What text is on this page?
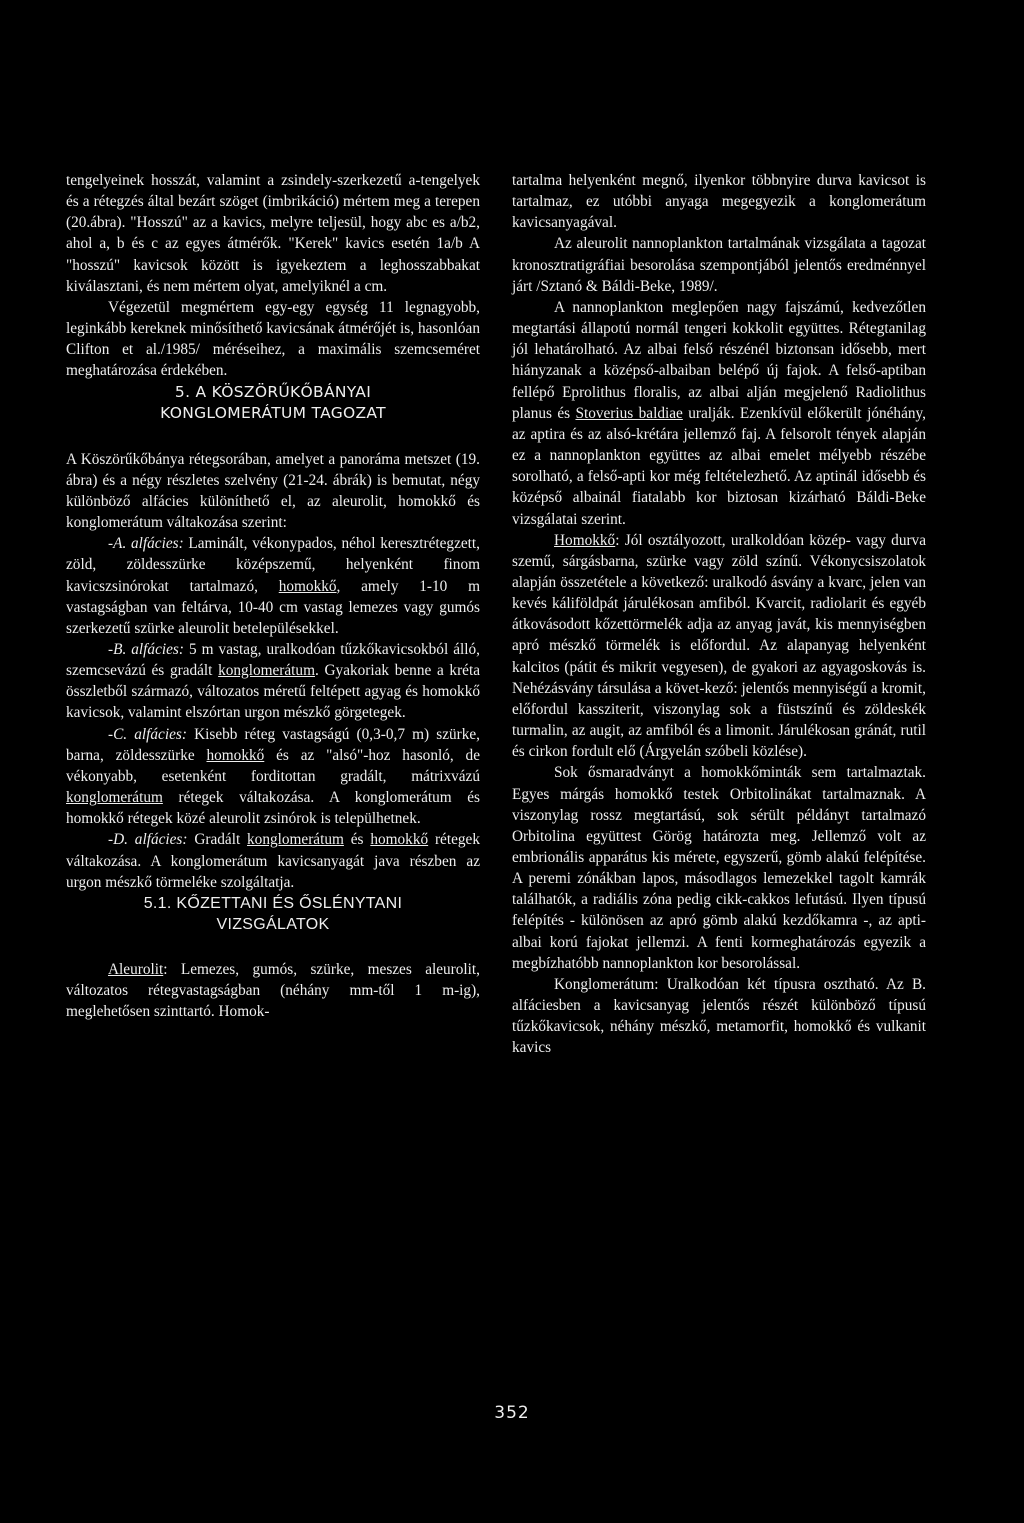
tengelyeinek hosszát, valamint a zsindely-szerkezetű a-tengelyek és a rétegzés által bezárt szöget (imbrikáció) mértem meg a terepen (20.ábra). "Hosszú" az a kavics, melyre teljesül, hogy abc es a/b2, ahol a, b és c az egyes átmérők. "Kerek" kavics esetén 1a/b A "hosszú" kavicsok között is igyekeztem a leghosszabbakat kiválasztani, és nem mértem olyat, amelyiknél a cm.

Végezetül megmértem egy-egy egység 11 legnagyobb, leginkább kereknek minősíthető kavicsának átmérőjét is, hasonlóan Clifton et al./1985/ méréseihez, a maximális szemcseméret meghatározása érdekében.

5. A KÖSZÖRŰKŐBÁNYAI
KONGLOMERÁTUM TAGOZAT

A Köszörűkőbánya rétegsorában, amelyet a panoráma metszet (19. ábra) és a négy részletes szelvény (21-24. ábrák) is bemutat, négy különböző alfácies különíthető el, az aleurolit, homokkő és konglomerátum váltakozása szerint:

-A. alfácies: Laminált, vékonypados, néhol keresztrétegzett, zöld, zöldesszürke középszemű, helyenként finom kavicszsinórokat tartalmazó, homokkő, amely 1-10 m vastagságban van feltárva, 10-40 cm vastag lemezes vagy gumós szerkezetű szürke aleurolit betelepülésekkel.

-B. alfácies: 5 m vastag, uralkodóan tűzkőkavicsokból álló, szemcsevázú és gradált konglomerátum. Gyakoriak benne a kréta összletből származó, változatos méretű feltépett agyag és homokkő kavicsok, valamint elszórtan urgon mészkő görgetegek.

-C. alfácies: Kisebb réteg vastagságú (0,3-0,7 m) szürke, barna, zöldesszürke homokkő és az "alsó"-hoz hasonló, de vékonyabb, esetenként forditottan gradált, mátrixvázú konglomerátum rétegek váltakozása. A konglomerátum és homokkő rétegek közé aleurolit zsinórok is települhetnek.

-D. alfácies: Gradált konglomerátum és homokkő rétegek váltakozása. A konglomerátum kavicsanyagát java részben az urgon mészkő törmeléke szolgáltatja.

5.1. KŐZETTANI ÉS ŐSLÉNYTANI
VIZSGÁLATOK

Aleurolit: Lemezes, gumós, szürke, meszes aleurolit, változatos rétegvastagságban (néhány mm-től 1 m-ig), meglehetősen szinttartó. Homok-

tartalma helyenként megnő, ilyenkor többnyire durva kavicsot is tartalmaz, ez utóbbi anyaga megegyezik a konglomerátum kavicsanyagával.

Az aleurolit nannoplankton tartalmának vizsgálata a tagozat kronosztratigráfiai besorolása szempontjából jelentős eredménnyel járt /Sztanó & Báldi-Beke, 1989/.

A nannoplankton meglepően nagy fajszámú, kedvezőtlen megtartási állapotú normál tengeri kokkolit együttes. Rétegtanilag jól lehatárolható. Az albai felső részénél biztonsan idősebb, mert hiányzanak a középső-albaiban belépő új fajok. A felső-aptiban fellépő Eprolithus floralis, az albai alján megjelenő Radiolithus planus és Stoverius baldiae uralják. Ezenkívül előkerült jónéhány, az aptira és az alsó-krétára jellemző faj. A felsorolt tények alapján ez a nannoplankton együttes az albai emelet mélyebb részébe sorolható, a felső-apti kor még feltételezhető. Az aptinál idősebb és középső albainál fiatalabb kor biztosan kizárható Báldi-Beke vizsgálatai szerint.

Homokkő: Jól osztályozott, uralkoldóan közép- vagy durva szemű, sárgásbarna, szürke vagy zöld színű. Vékonycsiszolatok alapján összetétele a következő: uralkodó ásvány a kvarc, jelen van kevés káliföldpát járulékosan amfiból. Kvarcit, radiolarit és egyéb átkovásodott kőzettörmelék adja az anyag javát, kis mennyiségben apró mészkő törmelék is előfordul. Az alapanyag helyenként kalcitos (pátit és mikrit vegyesen), de gyakori az agyagoskovás is. Nehézásvány társulása a követ-kező: jelentős mennyiségű a kromit, előfordul kassziterit, viszonylag sok a füstszínű és zöldeskék turmalin, az augit, az amfiból és a limonit. Járulékosan gránát, rutil és cirkon fordult elő (Árgyelán szóbeli közlése).

Sok ősmaradványt a homokkőminták sem tartalmaztak. Egyes márgás homokkő testek Orbitolinákat tartalmaznak. A viszonylag rossz megtartású, sok sérült példányt tartalmazó Orbitolina együttest Görög határozta meg. Jellemző volt az embrionális apparátus kis mérete, egyszerű, gömb alakú felépítése. A peremi zónákban lapos, másodlagos lemezekkel tagolt kamrák találhatók, a radiális zóna pedig cikk-cakkos lefutású. Ilyen típusú felépítés - különösen az apró gömb alakú kezdőkamra -, az apti-albai korú fajokat jellemzi. A fenti kormeghatározás egyezik a megbízhatóbb nannoplankton kor besorolással.

Konglomerátum: Uralkodóan két típusra osztható. Az B. alfáciesben a kavicsanyag jelentős részét különböző típusú tűzkőkavicsok, néhány mészkő, metamorfit, homokkő és vulkanit kavics

352
